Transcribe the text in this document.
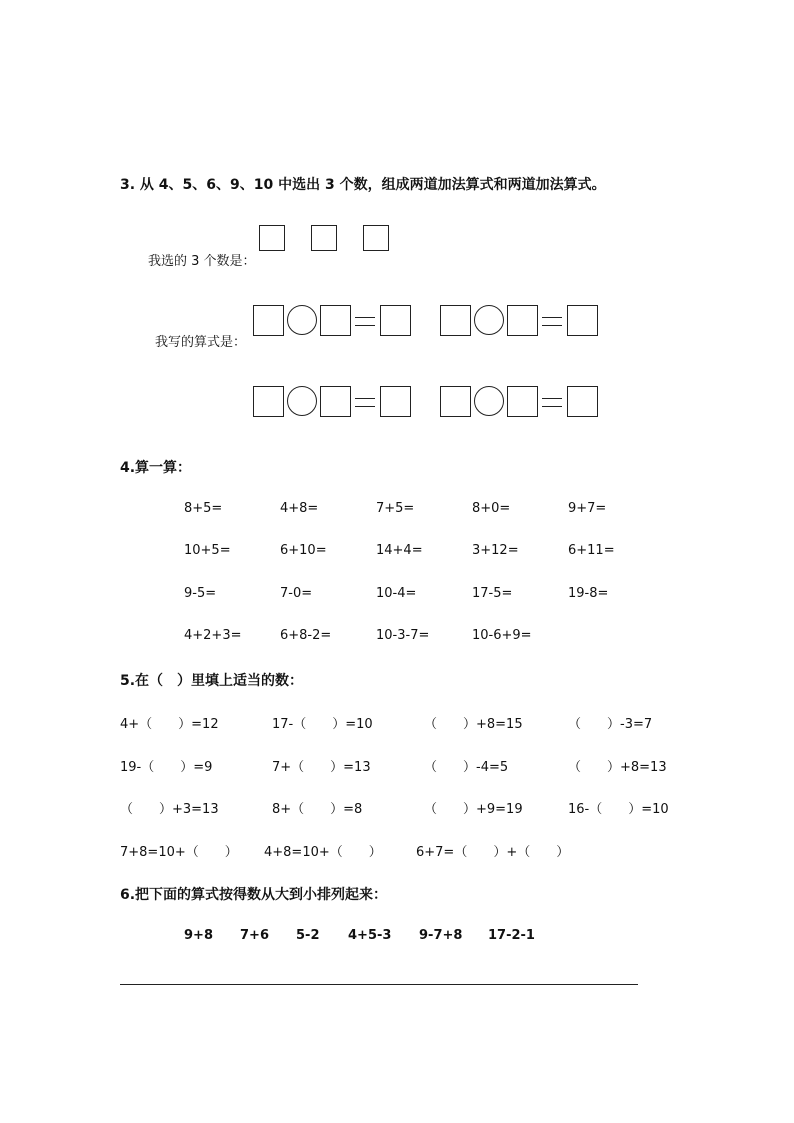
3. 从 4、5、6、9、10 中选出 3 个数，组成两道加法算式和两道加法算式。
我选的 3 个数是：
我写的算式是：
4.算一算：
8+5=	4+8=	7+5=	8+0=	9+7=
10+5=	6+10=	14+4=	3+12=	6+11=
9-5=	7-0=	10-4=	17-5=	19-8=
4+2+3=	6+8-2=	10-3-7=	10-6+9=
5.在（　）里填上适当的数：
4+（　　）=12	17-（　　）=10	（　　）+8=15	（　　）-3=7
19-（　　）=9	7+（　　）=13	（　　）-4=5	（　　）+8=13
（　　）+3=13	8+（　　）=8	（　　）+9=19	16-（　　）=10
7+8=10+（　　） 4+8=10+（　　）	6+7=（　　）+（　　）
6.把下面的算式按得数从大到小排列起来：
9+8 7+6 5-2 4+5-3 9-7+8 17-2-1
